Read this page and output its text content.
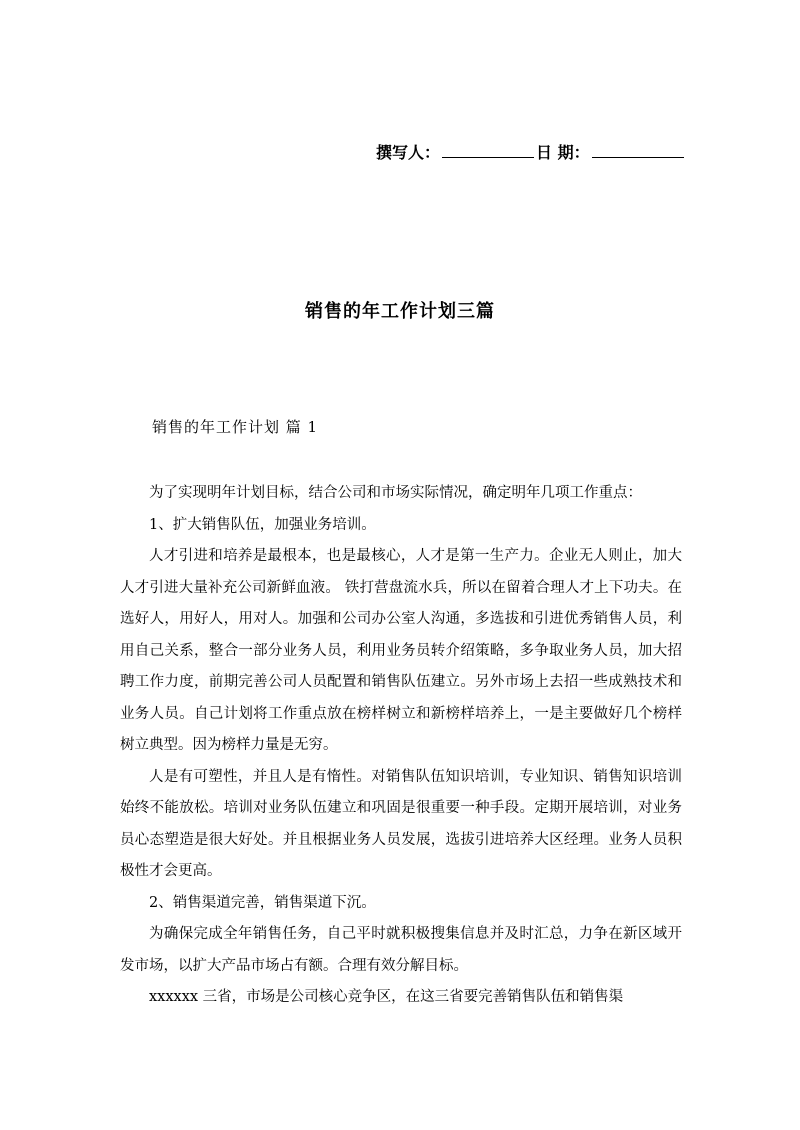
撰写人：	日 期：
销售的年工作计划三篇
销售的年工作计划 篇 1

为了实现明年计划目标，结合公司和市场实际情况，确定明年几项工作重点：

1、扩大销售队伍，加强业务培训。

人才引进和培养是最根本，也是最核心，人才是第一生产力。企业无人则止，加大人才引进大量补充公司新鲜血液。 铁打营盘流水兵，所以在留着合理人才上下功夫。在选好人，用好人，用对人。加强和公司办公室人沟通，多选拔和引进优秀销售人员，利用自己关系，整合一部分业务人员，利用业务员转介绍策略，多争取业务人员，加大招聘工作力度，前期完善公司人员配置和销售队伍建立。另外市场上去招一些成熟技术和业务人员。自己计划将工作重点放在榜样树立和新榜样培养上，一是主要做好几个榜样树立典型。因为榜样力量是无穷。

人是有可塑性，并且人是有惰性。对销售队伍知识培训，专业知识、销售知识培训始终不能放松。培训对业务队伍建立和巩固是很重要一种手段。定期开展培训，对业务员心态塑造是很大好处。并且根据业务人员发展，选拔引进培养大区经理。业务人员积极性才会更高。

2、销售渠道完善，销售渠道下沉。

为确保完成全年销售任务，自己平时就积极搜集信息并及时汇总，力争在新区域开发市场，以扩大产品市场占有额。合理有效分解目标。

xxxxxx 三省，市场是公司核心竞争区，在这三省要完善销售队伍和销售渠
